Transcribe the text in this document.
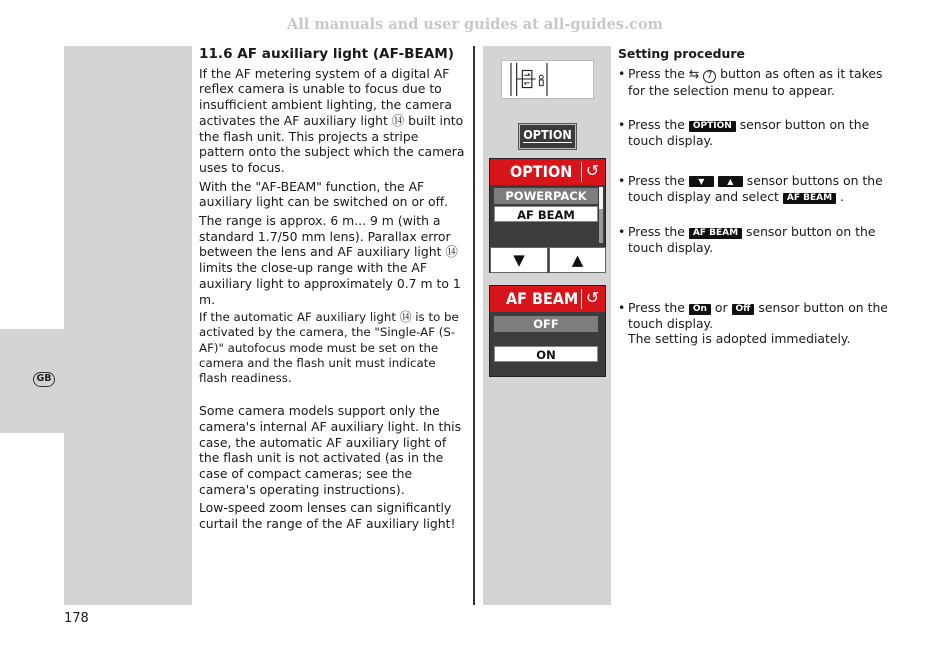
All manuals and user guides at all-guides.com
GB
11.6 AF auxiliary light (AF-BEAM)

If the AF metering system of a digital AF reflex camera is unable to focus due to insufficient ambient lighting, the camera activates the AF auxiliary light ⑭ built into the flash unit. This projects a stripe pattern onto the subject which the camera uses to focus.

With the "AF-BEAM" function, the AF auxiliary light can be switched on or off.

The range is approx. 6 m... 9 m (with a standard 1.7/50 mm lens). Parallax error between the lens and AF auxiliary light ⑭ limits the close-up range with the AF auxiliary light to approximately 0.7 m to 1 m.

If the automatic AF auxiliary light ⑭ is to be activated by the camera, the "Single-AF (S-AF)" autofocus mode must be set on the camera and the flash unit must indicate flash readiness.

Some camera models support only the camera's internal AF auxiliary light. In this case, the automatic AF auxiliary light of the flash unit is not activated (as in the case of compact cameras; see the camera's operating instructions).

Low-speed zoom lenses can significantly curtail the range of the AF auxiliary light!

OPTION
OPTION ↺
POWERPACK
AF BEAM
▼	▲
AF BEAM ↺
OFF
ON
Setting procedure
• Press the ⇆ 7 button as often as it takes for the selection menu to appear.
• Press the OPTION sensor button on the touch display.
• Press the ▼	▲ sensor buttons on the touch display and select AF BEAM .
• Press the AF BEAM sensor button on the touch display.
• Press the On or Off sensor button on the touch display.
The setting is adopted immediately.
178
